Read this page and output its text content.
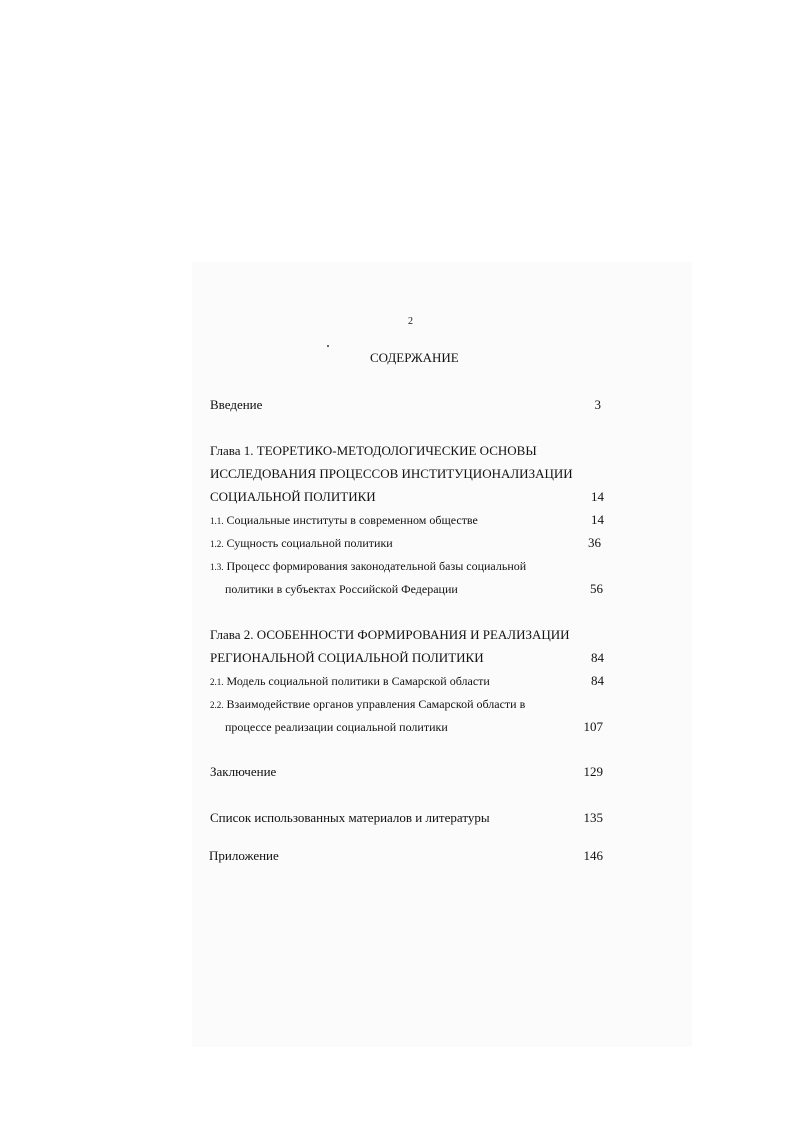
2
СОДЕРЖАНИЕ
Введение	3
Глава 1. ТЕОРЕТИКО-МЕТОДОЛОГИЧЕСКИЕ ОСНОВЫ
ИССЛЕДОВАНИЯ ПРОЦЕССОВ ИНСТИТУЦИОНАЛИЗАЦИИ
СОЦИАЛЬНОЙ ПОЛИТИКИ	14
1.1. Социальные институты в современном обществе	14
1.2. Сущность социальной политики	36
1.3. Процесс формирования законодательной базы социальной
политики в субъектах Российской Федерации	56
Глава 2. ОСОБЕННОСТИ ФОРМИРОВАНИЯ И РЕАЛИЗАЦИИ
РЕГИОНАЛЬНОЙ СОЦИАЛЬНОЙ ПОЛИТИКИ	84
2.1. Модель социальной политики в Самарской области	84
2.2. Взаимодействие органов управления Самарской области в
процессе реализации социальной политики	107
Заключение	129
Список использованных материалов и литературы	135
Приложение	146
